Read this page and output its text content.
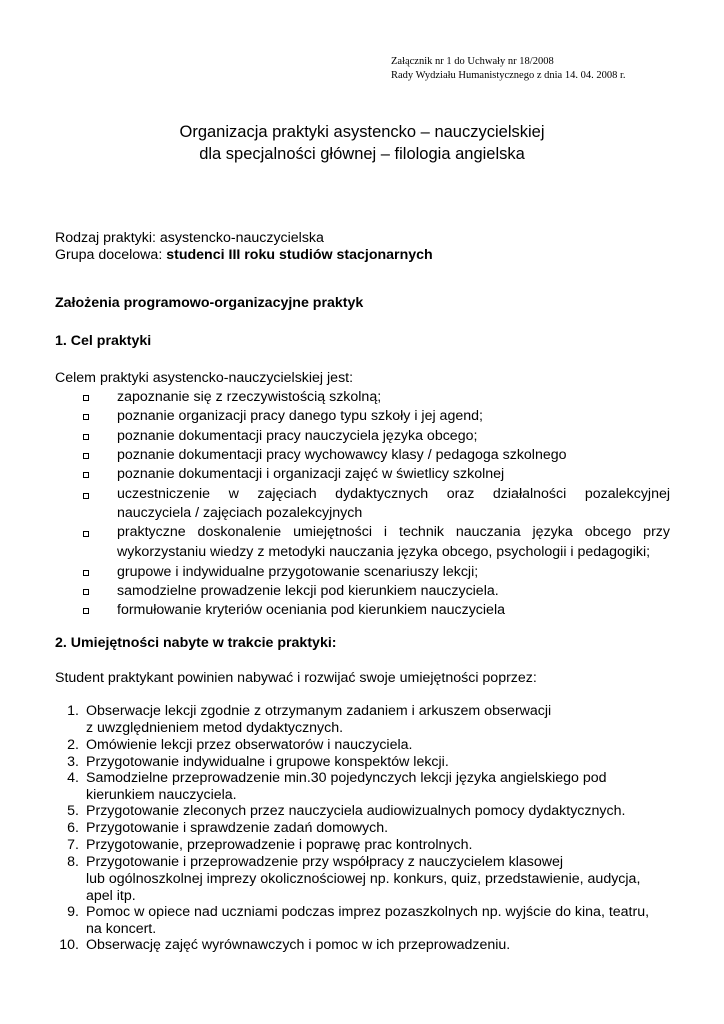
Załącznik nr 1 do Uchwały nr 18/2008
Rady Wydziału Humanistycznego z dnia 14. 04. 2008 r.
Organizacja praktyki asystencko – nauczycielskiej
dla specjalności głównej – filologia angielska
Rodzaj praktyki: asystencko-nauczycielska
Grupa docelowa: studenci III roku studiów stacjonarnych
Założenia programowo-organizacyjne praktyk
1. Cel praktyki
Celem praktyki asystencko-nauczycielskiej jest:
zapoznanie się z rzeczywistością szkolną;
poznanie organizacji pracy danego typu szkoły i jej agend;
poznanie dokumentacji pracy nauczyciela języka obcego;
poznanie dokumentacji pracy wychowawcy klasy / pedagoga szkolnego
poznanie dokumentacji i organizacji zajęć w świetlicy szkolnej
uczestniczenie w zajęciach dydaktycznych oraz działalności pozalekcyjnej
nauczyciela / zajęciach pozalekcyjnych
praktyczne doskonalenie umiejętności i technik nauczania języka obcego przy
wykorzystaniu wiedzy z metodyki nauczania języka obcego, psychologii i pedagogiki;
grupowe i indywidualne przygotowanie scenariuszy lekcji;
samodzielne prowadzenie lekcji pod kierunkiem nauczyciela.
formułowanie kryteriów oceniania pod kierunkiem nauczyciela
2. Umiejętności nabyte w trakcie praktyki:
Student praktykant powinien nabywać i rozwijać swoje umiejętności poprzez:
1. Obserwacje lekcji zgodnie z otrzymanym zadaniem i arkuszem obserwacji
z uwzględnieniem metod dydaktycznych.
2. Omówienie lekcji przez obserwatorów i nauczyciela.
3. Przygotowanie indywidualne i grupowe konspektów lekcji.
4. Samodzielne przeprowadzenie min.30 pojedynczych lekcji języka angielskiego pod
kierunkiem nauczyciela.
5. Przygotowanie zleconych przez nauczyciela audiowizualnych pomocy dydaktycznych.
6. Przygotowanie i sprawdzenie zadań domowych.
7. Przygotowanie, przeprowadzenie i poprawę prac kontrolnych.
8. Przygotowanie i przeprowadzenie przy współpracy z nauczycielem klasowej
lub ogólnoszkolnej imprezy okolicznościowej np. konkurs, quiz, przedstawienie, audycja,
apel itp.
9. Pomoc w opiece nad uczniami podczas imprez pozaszkolnych np. wyjście do kina, teatru,
na koncert.
10. Obserwację zajęć wyrównawczych i pomoc w ich przeprowadzeniu.
